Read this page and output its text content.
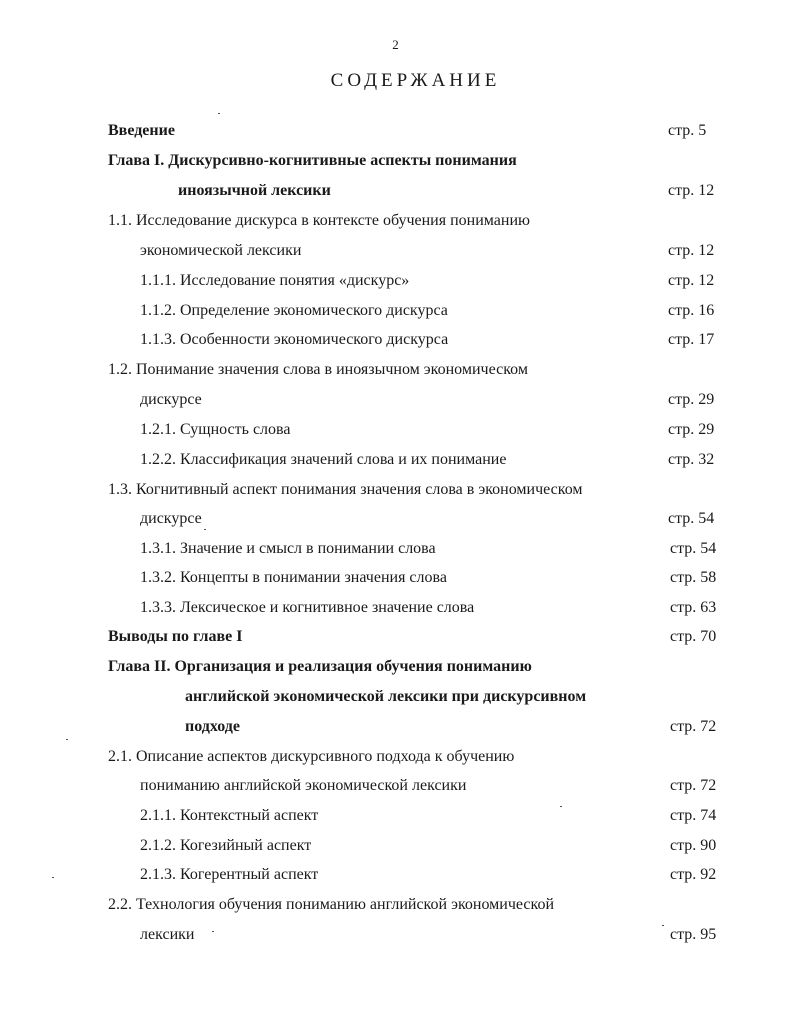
2
СОДЕРЖАНИЕ
Введение	стр. 5
Глава I. Дискурсивно-когнитивные аспекты понимания
иноязычной лексики	стр. 12
1.1. Исследование дискурса в контексте обучения пониманию
экономической лексики	стр. 12
1.1.1. Исследование понятия «дискурс»	стр. 12
1.1.2. Определение экономического дискурса	стр. 16
1.1.3. Особенности экономического дискурса	стр. 17
1.2. Понимание значения слова в иноязычном экономическом
дискурсе	стр. 29
1.2.1. Сущность слова	стр. 29
1.2.2. Классификация значений слова и их понимание	стр. 32
1.3. Когнитивный аспект понимания значения слова в экономическом
дискурсе	стр. 54
1.3.1. Значение и смысл в понимании слова	стр. 54
1.3.2. Концепты в понимании значения слова	стр. 58
1.3.3. Лексическое и когнитивное значение слова	стр. 63
Выводы по главе I	стр. 70
Глава II. Организация и реализация обучения пониманию
английской экономической лексики при дискурсивном
подходе	стр. 72
2.1. Описание аспектов дискурсивного подхода к обучению
пониманию английской экономической лексики	стр. 72
2.1.1. Контекстный аспект	стр. 74
2.1.2. Когезийный аспект	стр. 90
2.1.3. Когерентный аспект	стр. 92
2.2. Технология обучения пониманию английской экономической
лексики	стр. 95
